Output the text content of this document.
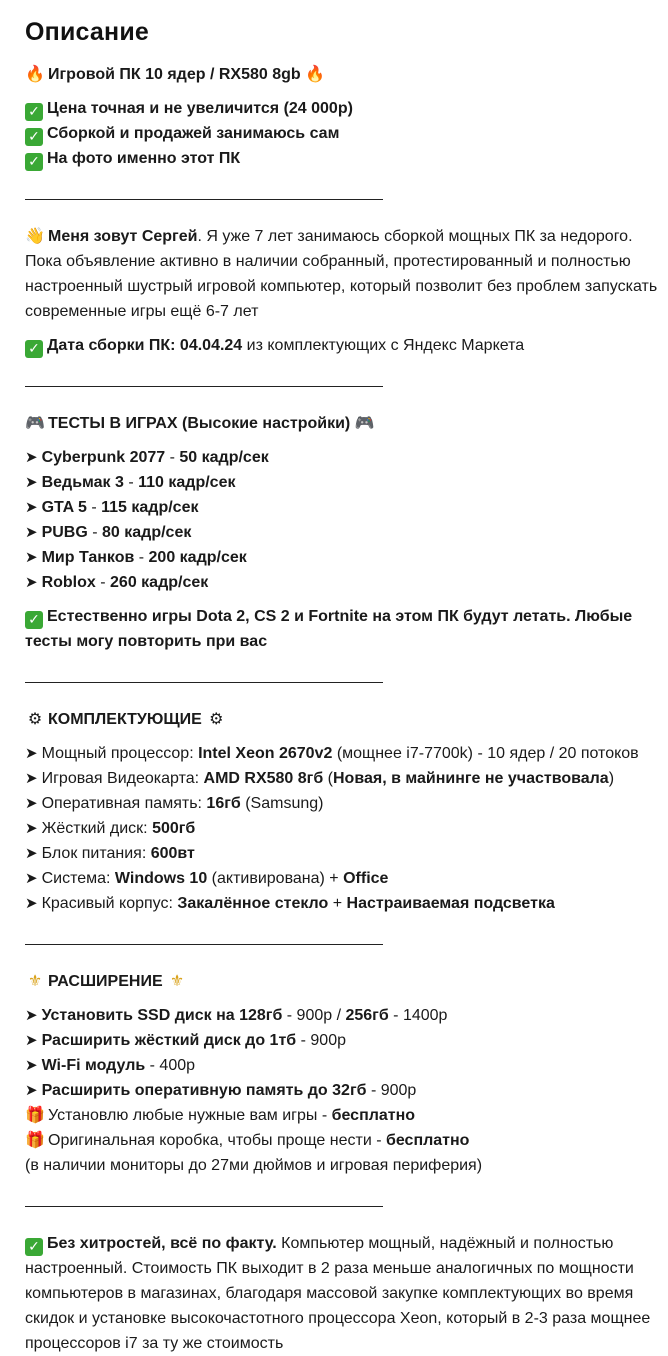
Описание
🔥 Игровой ПК 10 ядер / RX580 8gb 🔥
✓ Цена точная и не увеличится (24 000р)
✓ Сборкой и продажей занимаюсь сам
✓ На фото именно этот ПК
👋 Меня зовут Сергей. Я уже 7 лет занимаюсь сборкой мощных ПК за недорого. Пока объявление активно в наличии собранный, протестированный и полностью настроенный шустрый игровой компьютер, который позволит без проблем запускать современные игры ещё 6-7 лет
✓ Дата сборки ПК: 04.04.24 из комплектующих с Яндекс Маркета
🎮 ТЕСТЫ В ИГРАХ (Высокие настройки) 🎮
➤ Cyberpunk 2077 - 50 кадр/сек
➤ Ведьмак 3 - 110 кадр/сек
➤ GTA 5 - 115 кадр/сек
➤ PUBG - 80 кадр/сек
➤ Мир Танков - 200 кадр/сек
➤ Roblox - 260 кадр/сек
✓ Естественно игры Dota 2, CS 2 и Fortnite на этом ПК будут летать. Любые тесты могу повторить при вас
⚙ КОМПЛЕКТУЮЩИЕ ⚙
➤ Мощный процессор: Intel Xeon 2670v2 (мощнее i7-7700k) - 10 ядер / 20 потоков
➤ Игровая Видеокарта: AMD RX580 8гб (Новая, в майнинге не участвовала)
➤ Оперативная память: 16гб (Samsung)
➤ Жёсткий диск: 500гб
➤ Блок питания: 600вт
➤ Система: Windows 10 (активирована) + Office
➤ Красивый корпус: Закалённое стекло + Настраиваемая подсветка
⚜ РАСШИРЕНИЕ ⚜
➤ Установить SSD диск на 128гб - 900р / 256гб - 1400р
➤ Расширить жёсткий диск до 1тб - 900р
➤ Wi-Fi модуль - 400р
➤ Расширить оперативную память до 32гб - 900р
🎁 Установлю любые нужные вам игры - бесплатно
🎁 Оригинальная коробка, чтобы проще нести - бесплатно
(в наличии мониторы до 27ми дюймов и игровая периферия)
✓ Без хитростей, всё по факту. Компьютер мощный, надёжный и полностью настроенный. Стоимость ПК выходит в 2 раза меньше аналогичных по мощности компьютеров в магазинах, благодаря массовой закупке комплектующих во время скидок и установке высокочастотного процессора Xeon, который в 2-3 раза мощнее процессоров i7 за ту же стоимость
